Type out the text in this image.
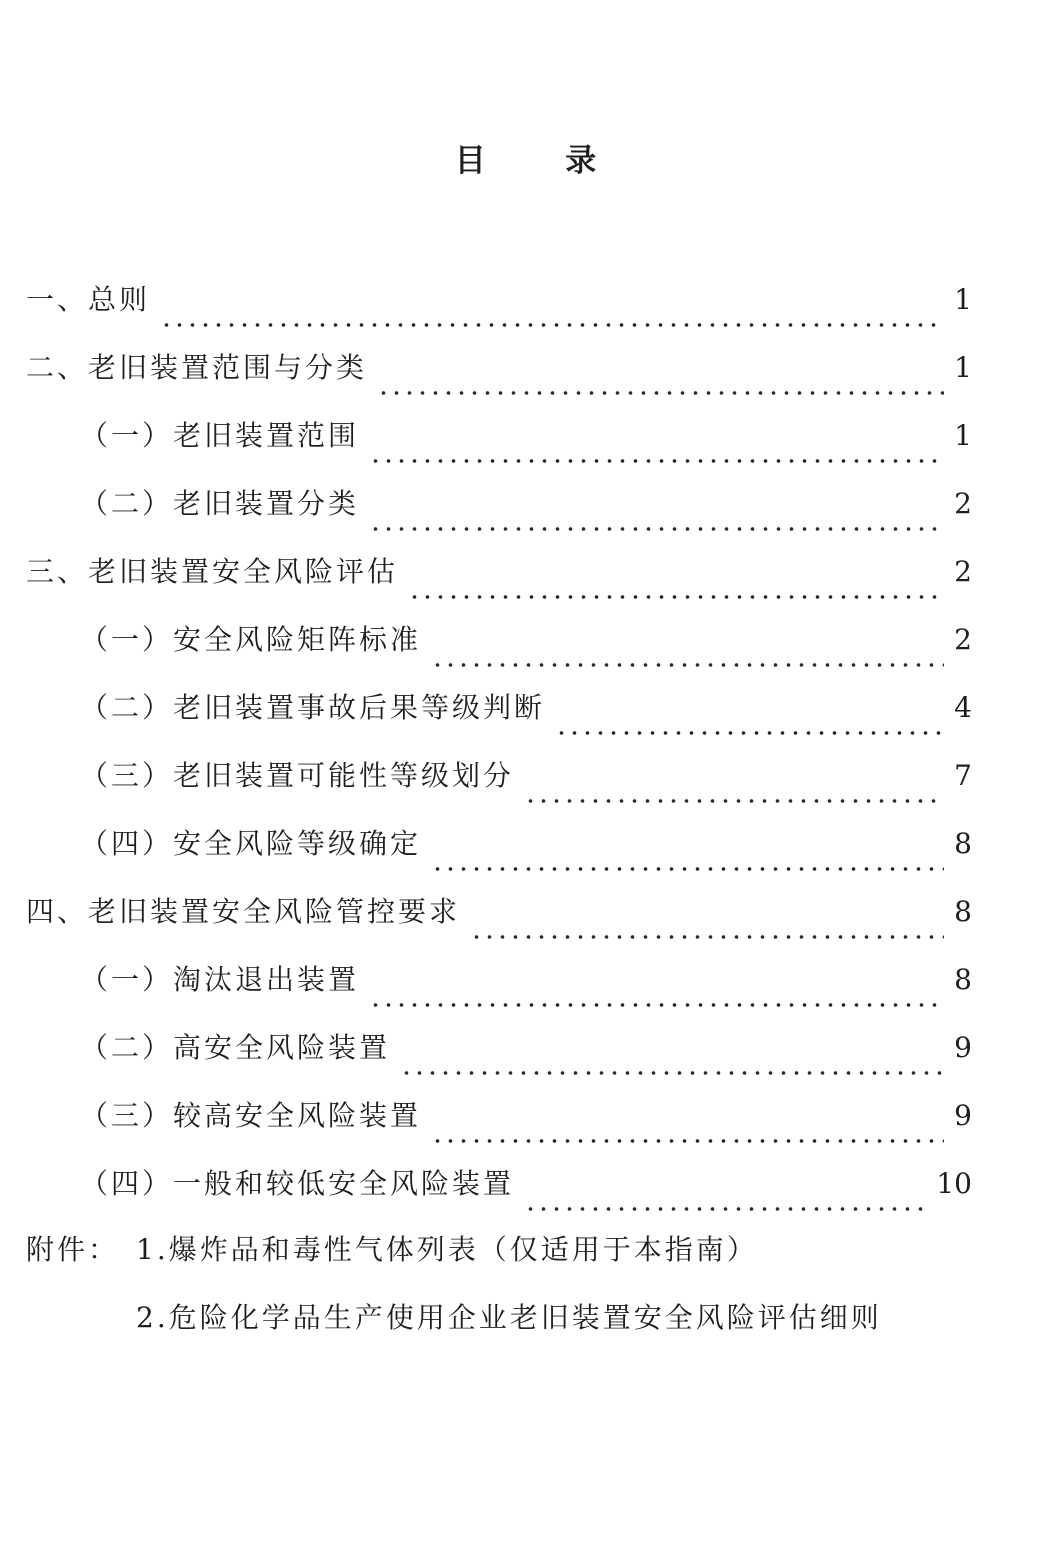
目  录
一、总则	1
二、老旧装置范围与分类	1
（一）老旧装置范围	1
（二）老旧装置分类	2
三、老旧装置安全风险评估	2
（一）安全风险矩阵标准	2
（二）老旧装置事故后果等级判断	4
（三）老旧装置可能性等级划分	7
（四）安全风险等级确定	8
四、老旧装置安全风险管控要求	8
（一）淘汰退出装置	8
（二）高安全风险装置	9
（三）较高安全风险装置	9
（四）一般和较低安全风险装置	10
附件： 1.爆炸品和毒性气体列表（仅适用于本指南）
2.危险化学品生产使用企业老旧装置安全风险评估细则
